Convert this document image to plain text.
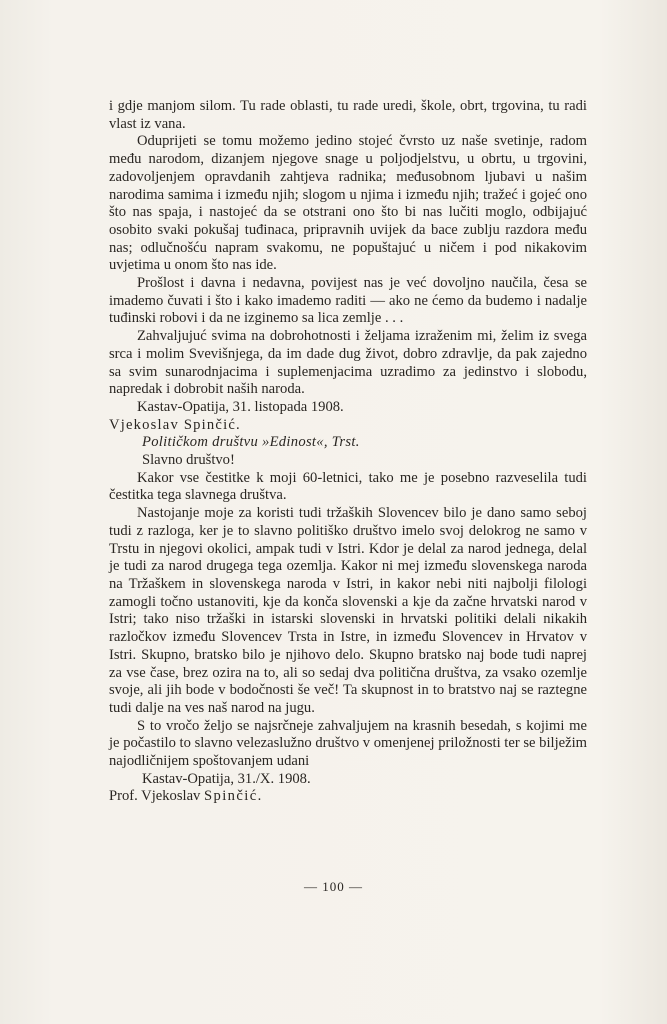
i gdje manjom silom. Tu rade oblasti, tu rade uredi, škole, obrt, trgovina, tu radi vlast iz vana.

Oduprijeti se tomu možemo jedino stojeć čvrsto uz naše svetinje, radom među narodom, dizanjem njegove snage u poljodjelstvu, u obrtu, u trgovini, zadovoljenjem opravdanih zahtjeva radnika; međusobnom ljubavi u našim narodima samima i između njih; slogom u njima i između njih; tražeć i gojeć ono što nas spaja, i nastojeć da se otstrani ono što bi nas lučiti moglo, odbijajuć osobito svaki pokušaj tuđinaca, pripravnih uvijek da bace zublju razdora među nas; odlučnošću napram svakomu, ne popuštajuć u ničem i pod nikakovim uvjetima u onom što nas ide.

Prošlost i davna i nedavna, povijest nas je već dovoljno naučila, česa se imademo čuvati i što i kako imademo raditi — ako ne ćemo da budemo i nadalje tuđinski robovi i da ne izginemo sa lica zemlje . . .

Zahvaljujuć svima na dobrohotnosti i željama izraženim mi, želim iz svega srca i molim Svevišnjega, da im dade dug život, dobro zdravlje, da pak zajedno sa svim sunarodnjacima i suplemenjacima uzradimo za jedinstvo i slobodu, napredak i dobrobit naših naroda.

Kastav-Opatija, 31. listopada 1908.

Vjekoslav Spinčić.

Političkom društvu »Edinost«, Trst.

Slavno društvo!

Kakor vse čestitke k moji 60-letnici, tako me je posebno razveselila tudi čestitka tega slavnega društva.

Nastojanje moje za koristi tudi tržaških Slovencev bilo je dano samo seboj tudi z razloga, ker je to slavno politiško društvo imelo svoj delokrog ne samo v Trstu in njegovi okolici, ampak tudi v Istri. Kdor je delal za narod jednega, delal je tudi za narod drugega tega ozemlja. Kakor ni mej između slovenskega naroda na Tržaškem in slovenskega naroda v Istri, in kakor nebi niti najbolji filologi zamogli točno ustanoviti, kje da konča slovenski a kje da začne hrvatski narod v Istri; tako niso tržaški in istarski slovenski in hrvatski politiki delali nikakih razločkov između Slovencev Trsta in Istre, in između Slovencev in Hrvatov v Istri. Skupno, bratsko bilo je njihovo delo. Skupno bratsko naj bode tudi naprej za vse čase, brez ozira na to, ali so sedaj dva politična društva, za vsako ozemlje svoje, ali jih bode v bodočnosti še več! Ta skupnost in to bratstvo naj se raztegne tudi dalje na ves naš narod na jugu.

S to vročo željo se najsrčneje zahvaljujem na krasnih besedah, s kojimi me je počastilo to slavno velezaslužno društvo v omenjenej priložnosti ter se bilježim najodličnijem spoštovanjem udani

Kastav-Opatija, 31./X. 1908.

Prof. Vjekoslav Spinčić.

— 100 —
